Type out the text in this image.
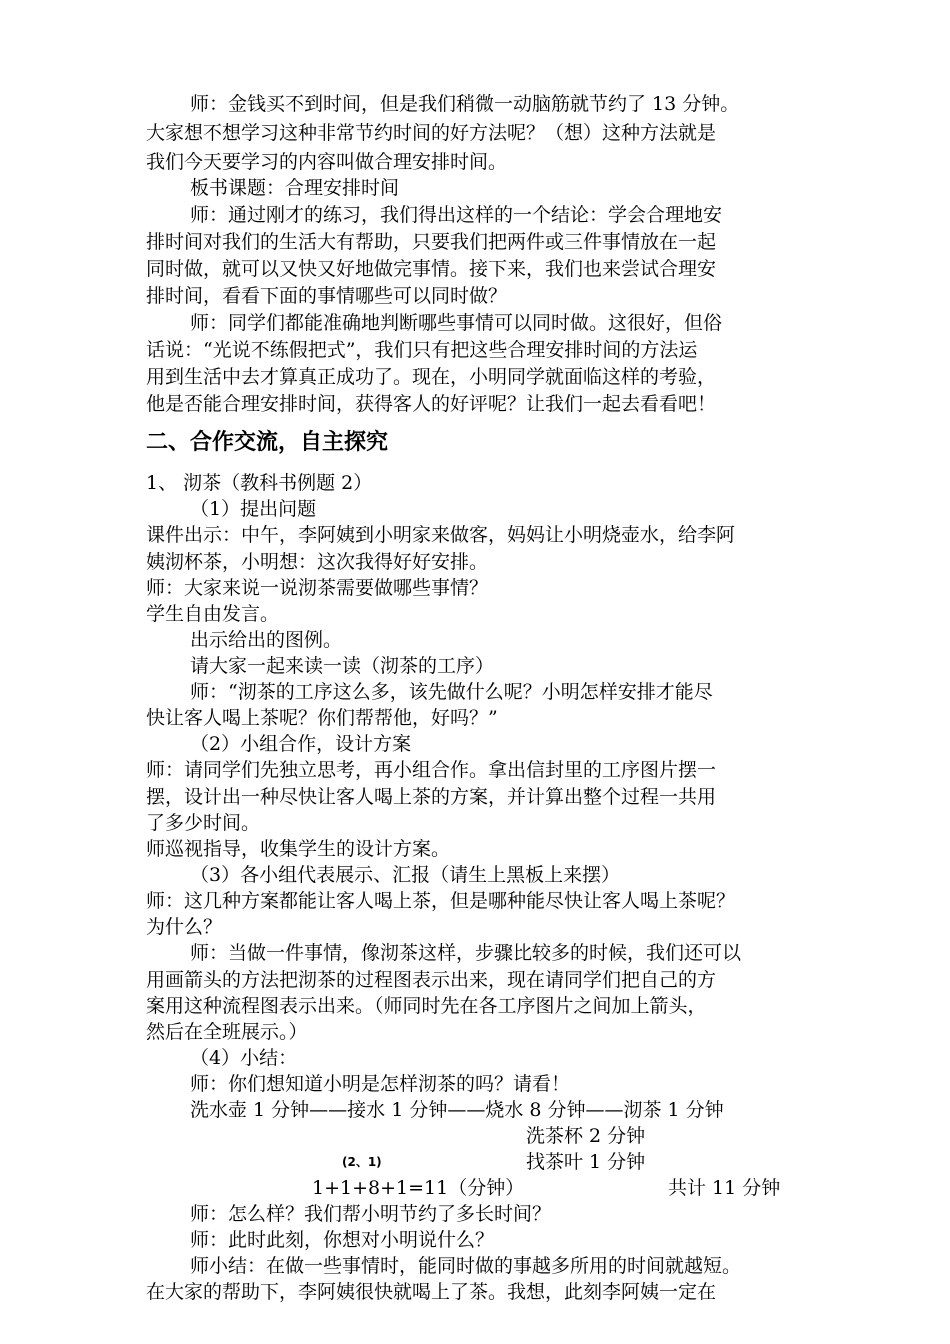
师：金钱买不到时间，但是我们稍微一动脑筋就节约了 13 分钟。
大家想不想学习这种非常节约时间的好方法呢？（想）这种方法就是
我们今天要学习的内容叫做合理安排时间。
板书课题：合理安排时间
师：通过刚才的练习，我们得出这样的一个结论：学会合理地安
排时间对我们的生活大有帮助，只要我们把两件或三件事情放在一起
同时做，就可以又快又好地做完事情。接下来，我们也来尝试合理安
排时间，看看下面的事情哪些可以同时做？
师：同学们都能准确地判断哪些事情可以同时做。这很好，但俗
话说：“光说不练假把式”，我们只有把这些合理安排时间的方法运
用到生活中去才算真正成功了。现在，小明同学就面临这样的考验，
他是否能合理安排时间，获得客人的好评呢？让我们一起去看看吧！
二、合作交流，自主探究
1、 沏茶（教科书例题 2）
（1）提出问题
课件出示：中午，李阿姨到小明家来做客，妈妈让小明烧壶水，给李阿
姨沏杯茶，小明想：这次我得好好安排。
师：大家来说一说沏茶需要做哪些事情？
学生自由发言。
出示给出的图例。
请大家一起来读一读（沏茶的工序）
师：“沏茶的工序这么多，该先做什么呢？小明怎样安排才能尽
快让客人喝上茶呢？你们帮帮他，好吗？”
（2）小组合作，设计方案
师：请同学们先独立思考，再小组合作。拿出信封里的工序图片摆一
摆，设计出一种尽快让客人喝上茶的方案，并计算出整个过程一共用
了多少时间。
师巡视指导，收集学生的设计方案。
（3）各小组代表展示、汇报（请生上黑板上来摆）
师：这几种方案都能让客人喝上茶，但是哪种能尽快让客人喝上茶呢？
为什么？
师：当做一件事情，像沏茶这样，步骤比较多的时候，我们还可以
用画箭头的方法把沏茶的过程图表示出来，现在请同学们把自己的方
案用这种流程图表示出来。（师同时先在各工序图片之间加上箭头，
然后在全班展示。）
（4）小结：
师：你们想知道小明是怎样沏茶的吗？请看！
洗水壶 1 分钟——接水 1 分钟——烧水 8 分钟——沏茶 1 分钟
洗茶杯 2 分钟
(2、1)	找茶叶 1 分钟
1+1+8+1=11（分钟）	共计 11 分钟
师：怎么样？我们帮小明节约了多长时间？
师：此时此刻，你想对小明说什么？
师小结：在做一些事情时，能同时做的事越多所用的时间就越短。
在大家的帮助下，李阿姨很快就喝上了茶。我想，此刻李阿姨一定在
